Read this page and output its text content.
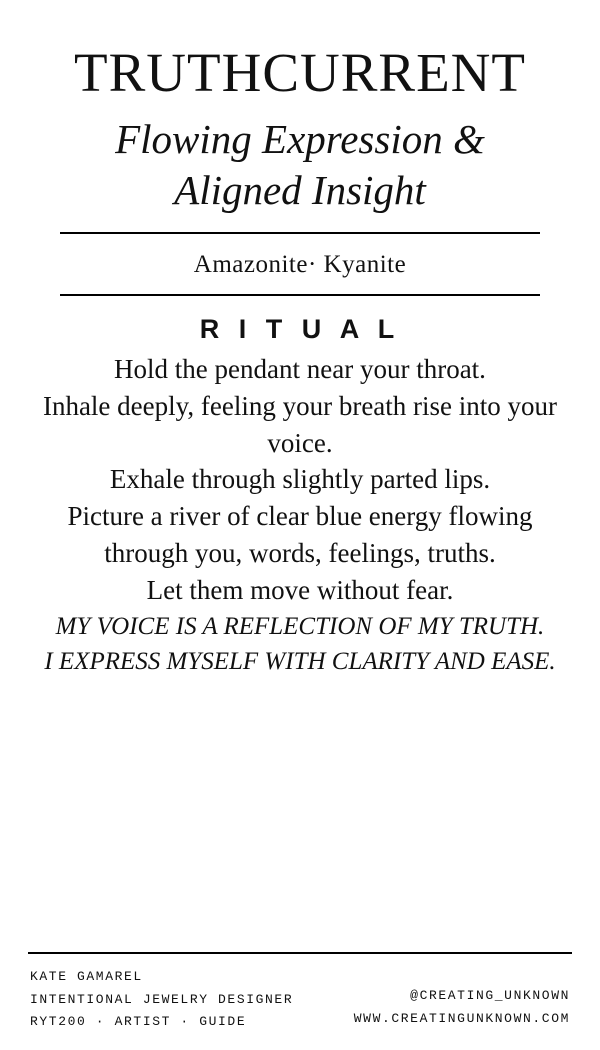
TRUTHCURRENT
Flowing Expression & Aligned Insight
Amazonite· Kyanite
R I T U A L

Hold the pendant near your throat.

Inhale deeply, feeling your breath rise into your voice.

Exhale through slightly parted lips.

Picture a river of clear blue energy flowing through you, words, feelings, truths.

Let them move without fear.

MY VOICE IS A REFLECTION OF MY TRUTH.

I EXPRESS MYSELF WITH CLARITY AND EASE.

KATE GAMAREL
INTENTIONAL JEWELRY DESIGNER
RYT200 · ARTIST · GUIDE
@CREATING_UNKNOWN
WWW.CREATINGUNKNOWN.COM
